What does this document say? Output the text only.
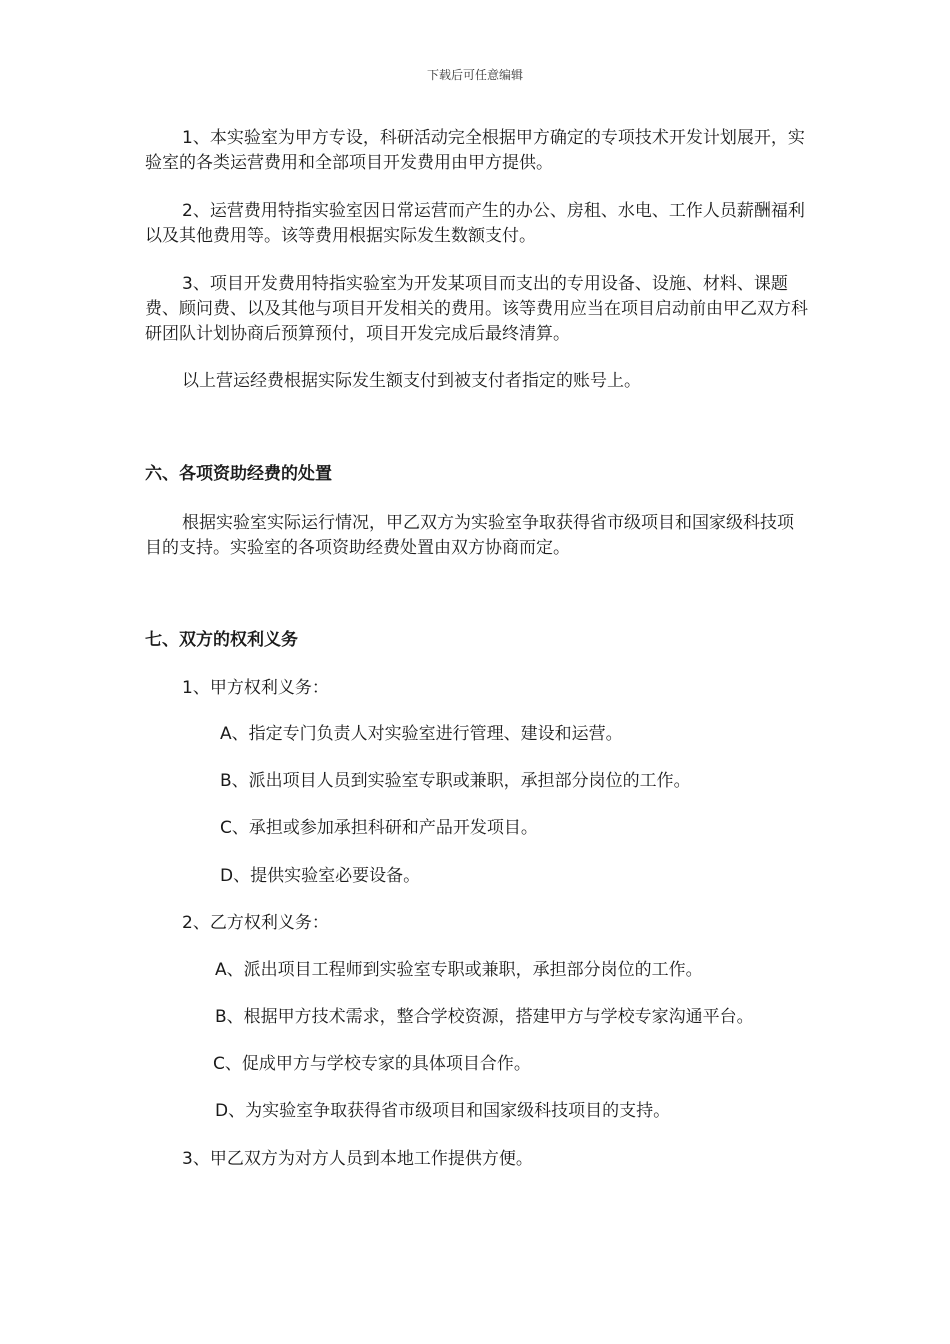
下载后可任意编辑

1、本实验室为甲方专设，科研活动完全根据甲方确定的专项技术开发计划展开，实验室的各类运营费用和全部项目开发费用由甲方提供。

2、运营费用特指实验室因日常运营而产生的办公、房租、水电、工作人员薪酬福利以及其他费用等。该等费用根据实际发生数额支付。

3、项目开发费用特指实验室为开发某项目而支出的专用设备、设施、材料、课题费、顾问费、以及其他与项目开发相关的费用。该等费用应当在项目启动前由甲乙双方科研团队计划协商后预算预付，项目开发完成后最终清算。

以上营运经费根据实际发生额支付到被支付者指定的账号上。

六、各项资助经费的处置

根据实验室实际运行情况，甲乙双方为实验室争取获得省市级项目和国家级科技项目的支持。实验室的各项资助经费处置由双方协商而定。

七、双方的权利义务

1、甲方权利义务：

A、指定专门负责人对实验室进行管理、建设和运营。

B、派出项目人员到实验室专职或兼职，承担部分岗位的工作。

C、承担或参加承担科研和产品开发项目。

D、提供实验室必要设备。

2、乙方权利义务：

A、派出项目工程师到实验室专职或兼职，承担部分岗位的工作。

B、根据甲方技术需求，整合学校资源，搭建甲方与学校专家沟通平台。

C、促成甲方与学校专家的具体项目合作。

D、为实验室争取获得省市级项目和国家级科技项目的支持。

3、甲乙双方为对方人员到本地工作提供方便。
